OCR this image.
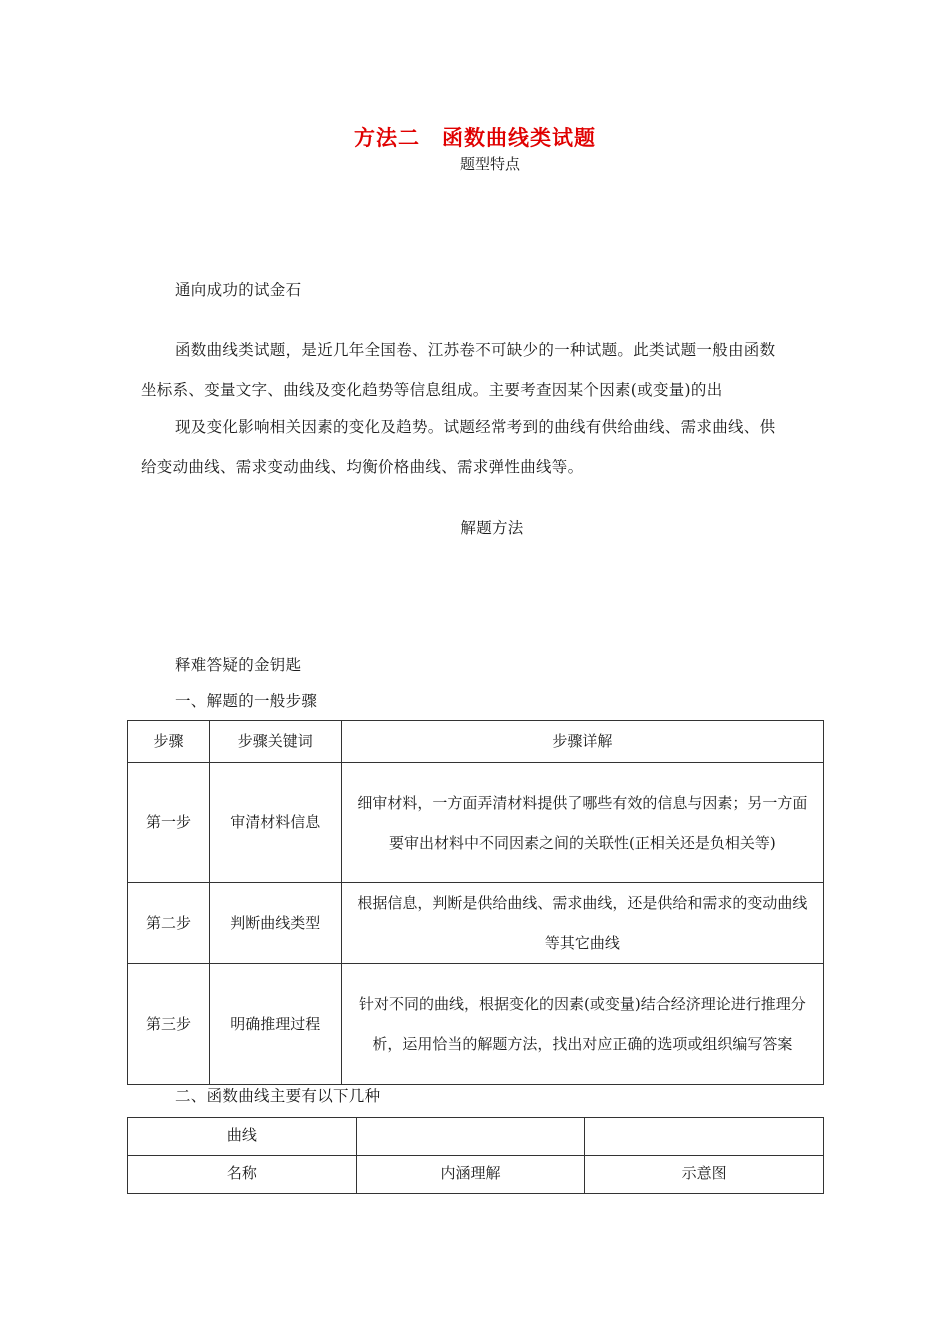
方法二　函数曲线类试题
题型特点
通向成功的试金石
函数曲线类试题，是近几年全国卷、江苏卷不可缺少的一种试题。此类试题一般由函数
坐标系、变量文字、曲线及变化趋势等信息组成。主要考查因某个因素(或变量)的出
现及变化影响相关因素的变化及趋势。试题经常考到的曲线有供给曲线、需求曲线、供
给变动曲线、需求变动曲线、均衡价格曲线、需求弹性曲线等。
解题方法
释难答疑的金钥匙
一、解题的一般步骤
步骤	步骤关键词	步骤详解
第一步	审清材料信息	细审材料，一方面弄清材料提供了哪些有效的信息与因素；另一方面要审出材料中不同因素之间的关联性(正相关还是负相关等)
第二步	判断曲线类型	根据信息，判断是供给曲线、需求曲线，还是供给和需求的变动曲线等其它曲线
第三步	明确推理过程	针对不同的曲线，根据变化的因素(或变量)结合经济理论进行推理分析，运用恰当的解题方法，找出对应正确的选项或组织编写答案
二、函数曲线主要有以下几种
曲线		
名称	内涵理解	示意图
